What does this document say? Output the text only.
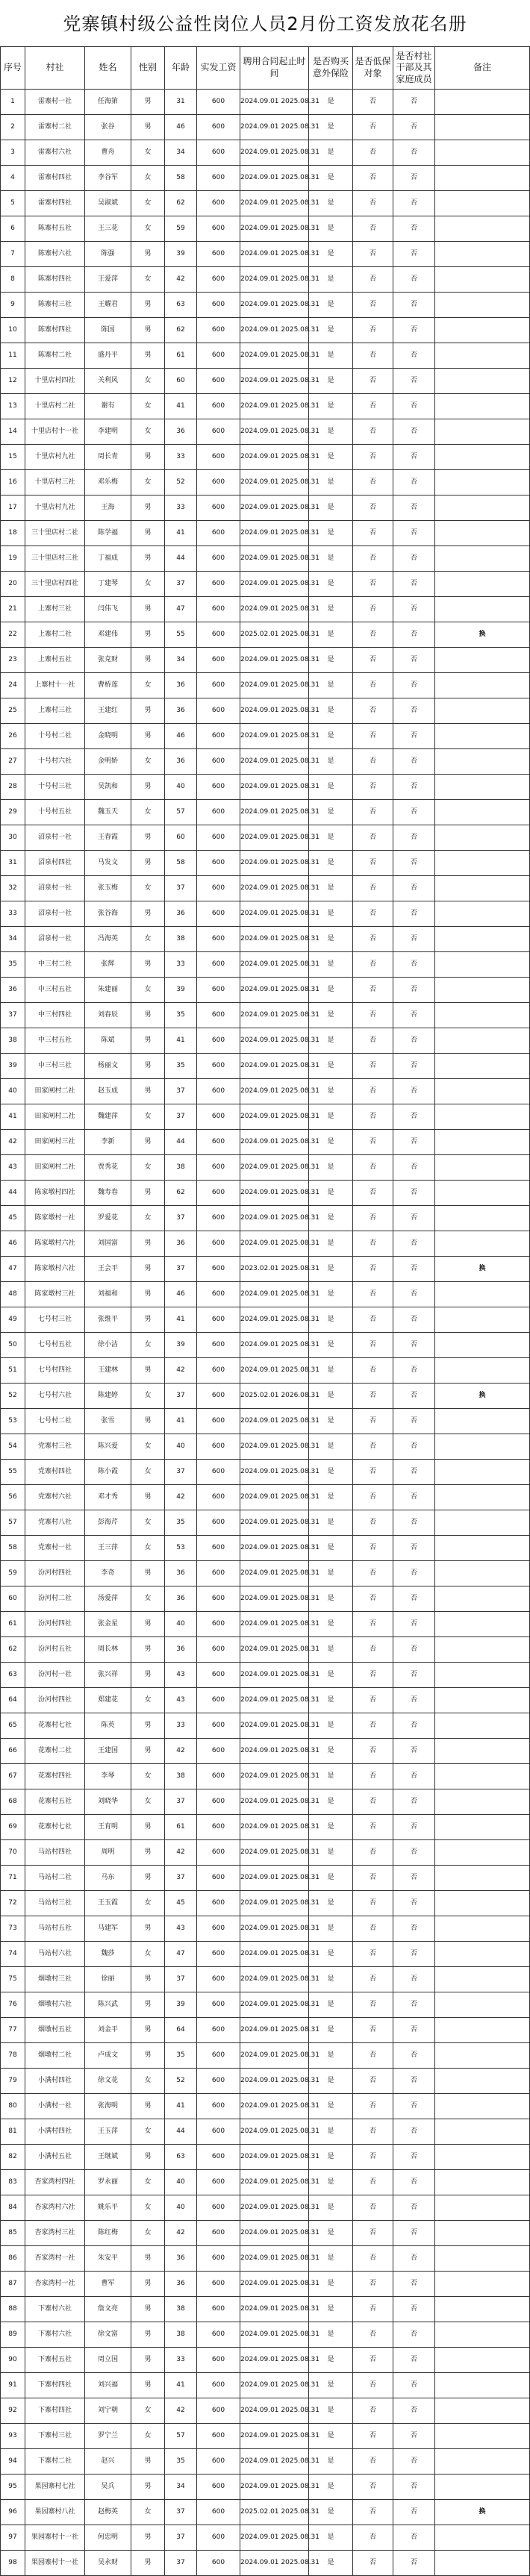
党寨镇村级公益性岗位人员2月份工资发放花名册
序号	村社	姓名	性别	年龄	实发工资	聘用合同起止时间	是否购买意外保险	是否低保对象	是否村社干部及其家庭成员	备注
1	雷寨村一社	任海第	男	31	600	2024.09.01 2025.08.31	是	否	否	
2	雷寨村二社	张谷	男	46	600	2024.09.01 2025.08.31	是	否	否	
3	雷寨村六社	曹舟	女	34	600	2024.09.01 2025.08.31	是	否	否	
4	雷寨村四社	李谷军	女	58	600	2024.09.01 2025.08.31	是	否	否	
5	雷寨村四社	吴淑斌	女	62	600	2024.09.01 2025.08.31	是	否	否	
6	陈寨村五社	王三花	女	59	600	2024.09.01 2025.08.31	是	否	否	
7	陈寨村六社	陈强	男	39	600	2024.09.01 2025.08.31	是	否	否	
8	陈寨村四社	王爱萍	女	42	600	2024.09.01 2025.08.31	是	否	否	
9	陈寨村三社	王耀君	男	63	600	2024.09.01 2025.08.31	是	否	否	
10	陈寨村四社	陈国	男	62	600	2024.09.01 2025.08.31	是	否	否	
11	陈寨村二社	盛丹平	男	61	600	2024.09.01 2025.08.31	是	否	否	
12	十里店村四社	关利风	女	60	600	2024.09.01 2025.08.31	是	否	否	
13	十里店村二社	谢有	女	41	600	2024.09.01 2025.08.31	是	否	否	
14	十里店村十一社	李建明	女	36	600	2024.09.01 2025.08.31	是	否	否	
15	十里店村九社	周长青	男	33	600	2024.09.01 2025.08.31	是	否	否	
16	十里店村三社	邓乐梅	女	52	600	2024.09.01 2025.08.31	是	否	否	
17	十里店村九社	王海	男	33	600	2024.09.01 2025.08.31	是	否	否	
18	三十里店村二社	陈学福	男	41	600	2024.09.01 2025.08.31	是	否	否	
19	三十里店村三社	丁福成	男	44	600	2024.09.01 2025.08.31	是	否	否	
20	三十里店村四社	丁建琴	女	37	600	2024.09.01 2025.08.31	是	否	否	
21	上寨村三社	闫伟飞	男	47	600	2024.09.01 2025.08.31	是	否	否	
22	上寨村二社	邓建伟	男	55	600	2025.02.01 2025.08.31	是	否	否	换
23	上寨村五社	张克财	男	34	600	2024.09.01 2025.08.31	是	否	否	
24	上寨村十一社	曹桥莲	女	36	600	2024.09.01 2025.08.31	是	否	否	
25	上寨村三社	王建红	男	36	600	2024.09.01 2025.08.31	是	否	否	
26	十号村二社	金晓明	男	46	600	2024.09.01 2025.08.31	是	否	否	
27	十号村六社	金明娇	女	36	600	2024.09.01 2025.08.31	是	否	否	
28	十号村三社	吴凯和	男	40	600	2024.09.01 2025.08.31	是	否	否	
29	十号村五社	魏玉天	女	57	600	2024.09.01 2025.08.31	是	否	否	
30	沼泉村一社	王春霞	男	60	600	2024.09.01 2025.08.31	是	否	否	
31	沼泉村四社	马发文	男	58	600	2024.09.01 2025.08.31	是	否	否	
32	沼泉村一社	张玉梅	女	37	600	2024.09.01 2025.08.31	是	否	否	
33	沼泉村一社	张谷海	男	36	600	2024.09.01 2025.08.31	是	否	否	
34	沼泉村一社	冯海英	女	38	600	2024.09.01 2025.08.31	是	否	否	
35	中三村二社	张辉	男	33	600	2024.09.01 2025.08.31	是	否	否	
36	中三村五社	朱建丽	女	39	600	2024.09.01 2025.08.31	是	否	否	
37	中三村四社	刘春辰	男	35	600	2024.09.01 2025.08.31	是	否	否	
38	中三村五社	陈斌	男	41	600	2024.09.01 2025.08.31	是	否	否	
39	中三村三社	杨丽文	男	35	600	2024.09.01 2025.08.31	是	否	否	
40	田家闸村二社	赵玉成	男	37	600	2024.09.01 2025.08.31	是	否	否	
41	田家闸村二社	魏建萍	女	37	600	2024.09.01 2025.08.31	是	否	否	
42	田家闸村三社	李新	男	44	600	2024.09.01 2025.08.31	是	否	否	
43	田家闸村二社	贾秀花	女	38	600	2024.09.01 2025.08.31	是	否	否	
44	陈家墩村四社	魏寿春	男	62	600	2024.09.01 2025.08.31	是	否	否	
45	陈家墩村一社	罗爱花	女	37	600	2024.09.01 2025.08.31	是	否	否	
46	陈家墩村六社	刘国富	男	36	600	2024.09.01 2025.08.31	是	否	否	
47	陈家墩村六社	王会平	男	37	600	2023.02.01 2025.08.31	是	否	否	换
48	陈家墩村三社	刘福和	男	46	600	2024.09.01 2025.08.31	是	否	否	
49	七号村三社	张维平	男	41	600	2024.09.01 2025.08.31	是	否	否	
50	七号村五社	徐小洁	女	39	600	2024.09.01 2025.08.31	是	否	否	
51	七号村四社	王建林	男	42	600	2024.09.01 2025.08.31	是	否	否	
52	七号村六社	陈建婷	女	37	600	2025.02.01 2026.08.31	是	否	否	换
53	七号村二社	张雪	男	41	600	2024.09.01 2025.08.31	是	否	否	
54	党寨村三社	陈兴爱	女	40	600	2024.09.01 2025.08.31	是	否	否	
55	党寨村四社	陈小霞	女	37	600	2024.09.01 2025.08.31	是	否	否	
56	党寨村六社	邓才秀	男	42	600	2024.09.01 2025.08.31	是	否	否	
57	党寨村八社	彭海芹	女	35	600	2024.09.01 2025.08.31	是	否	否	
58	党寨村一社	王三萍	女	53	600	2024.09.01 2025.08.31	是	否	否	
59	汾河村四社	李奇	男	36	600	2024.09.01 2025.08.31	是	否	否	
60	汾河村二社	汤爱萍	女	36	600	2024.09.01 2025.08.31	是	否	否	
61	汾河村四社	张金星	男	40	600	2024.09.01 2025.08.31	是	否	否	
62	汾河村五社	周长林	男	36	600	2024.09.01 2025.08.31	是	否	否	
63	汾河村一社	张兴祥	男	43	600	2024.09.01 2025.08.31	是	否	否	
64	汾河村四社	郑建花	女	43	600	2024.09.01 2025.08.31	是	否	否	
65	花寨村七社	陈英	男	33	600	2024.09.01 2025.08.31	是	否	否	
66	花寨村二社	王建国	男	42	600	2024.09.01 2025.08.31	是	否	否	
67	花寨村四社	李琴	女	38	600	2024.09.01 2025.08.31	是	否	否	
68	花寨村五社	刘晓华	女	37	600	2024.09.01 2025.08.31	是	否	否	
69	花寨村七社	王育明	男	61	600	2024.09.01 2025.08.31	是	否	否	
70	马站村四社	周明	男	42	600	2024.09.01 2025.08.31	是	否	否	
71	马站村二社	马东	男	37	600	2024.09.01 2025.08.31	是	否	否	
72	马站村三社	王玉霞	女	45	600	2024.09.01 2025.08.31	是	否	否	
73	马站村五社	马建军	男	43	600	2024.09.01 2025.08.31	是	否	否	
74	马站村六社	魏莎	女	47	600	2024.09.01 2025.08.31	是	否	否	
75	烟墩村三社	徐丽	男	37	600	2024.09.01 2025.08.31	是	否	否	
76	烟墩村六社	陈兴武	男	39	600	2024.09.01 2025.08.31	是	否	否	
77	烟墩村五社	刘金平	男	64	600	2024.09.01 2025.08.31	是	否	否	
78	烟墩村二社	卢成文	男	35	600	2024.09.01 2025.08.31	是	否	否	
79	小满村四社	徐文花	女	52	600	2024.09.01 2025.08.31	是	否	否	
80	小满村一社	张海明	男	41	600	2024.09.01 2025.08.31	是	否	否	
81	小满村四社	王玉萍	女	44	600	2024.09.01 2025.08.31	是	否	否	
82	小满村五社	王继斌	男	63	600	2024.09.01 2025.08.31	是	否	否	
83	杏家湾村四社	罗永丽	女	40	600	2024.09.01 2025.08.31	是	否	否	
84	杏家湾村六社	姚乐平	女	40	600	2024.09.01 2025.08.31	是	否	否	
85	杏家湾村三社	陈红梅	女	42	600	2024.09.01 2025.08.31	是	否	否	
86	杏家湾村一社	朱安平	男	36	600	2024.09.01 2025.08.31	是	否	否	
87	杏家湾村一社	曹军	男	36	600	2024.09.01 2025.08.31	是	否	否	
88	下寨村六社	詹文亮	男	38	600	2024.09.01 2025.08.31	是	否	否	
89	下寨村六社	徐文富	男	38	600	2024.09.01 2025.08.31	是	否	否	
90	下寨村五社	周立国	男	33	600	2024.09.01 2025.08.31	是	否	否	
91	下寨村四社	刘兴福	男	41	600	2024.09.01 2025.08.31	是	否	否	
92	下寨村四社	刘宁朝	女	42	600	2024.09.01 2025.08.31	是	否	否	
93	下寨村三社	罗宁兰	女	57	600	2024.09.01 2025.08.31	是	否	否	
94	下寨村二社	赵兴	男	35	600	2024.09.01 2025.08.31	是	否	否	
95	果园寨村七社	吴兵	男	34	600	2024.09.01 2025.08.31	是	否	否	
96	果园寨村八社	赵梅英	女	37	600	2025.02.01 2025.08.31	是	否	否	换
97	果园寨村十一社	何忠明	男	37	600	2024.09.01 2025.08.31	是	否	否	
98	果园寨村十一社	吴永财	男	37	600	2024.09.01 2025.08.31	是	否	否	
